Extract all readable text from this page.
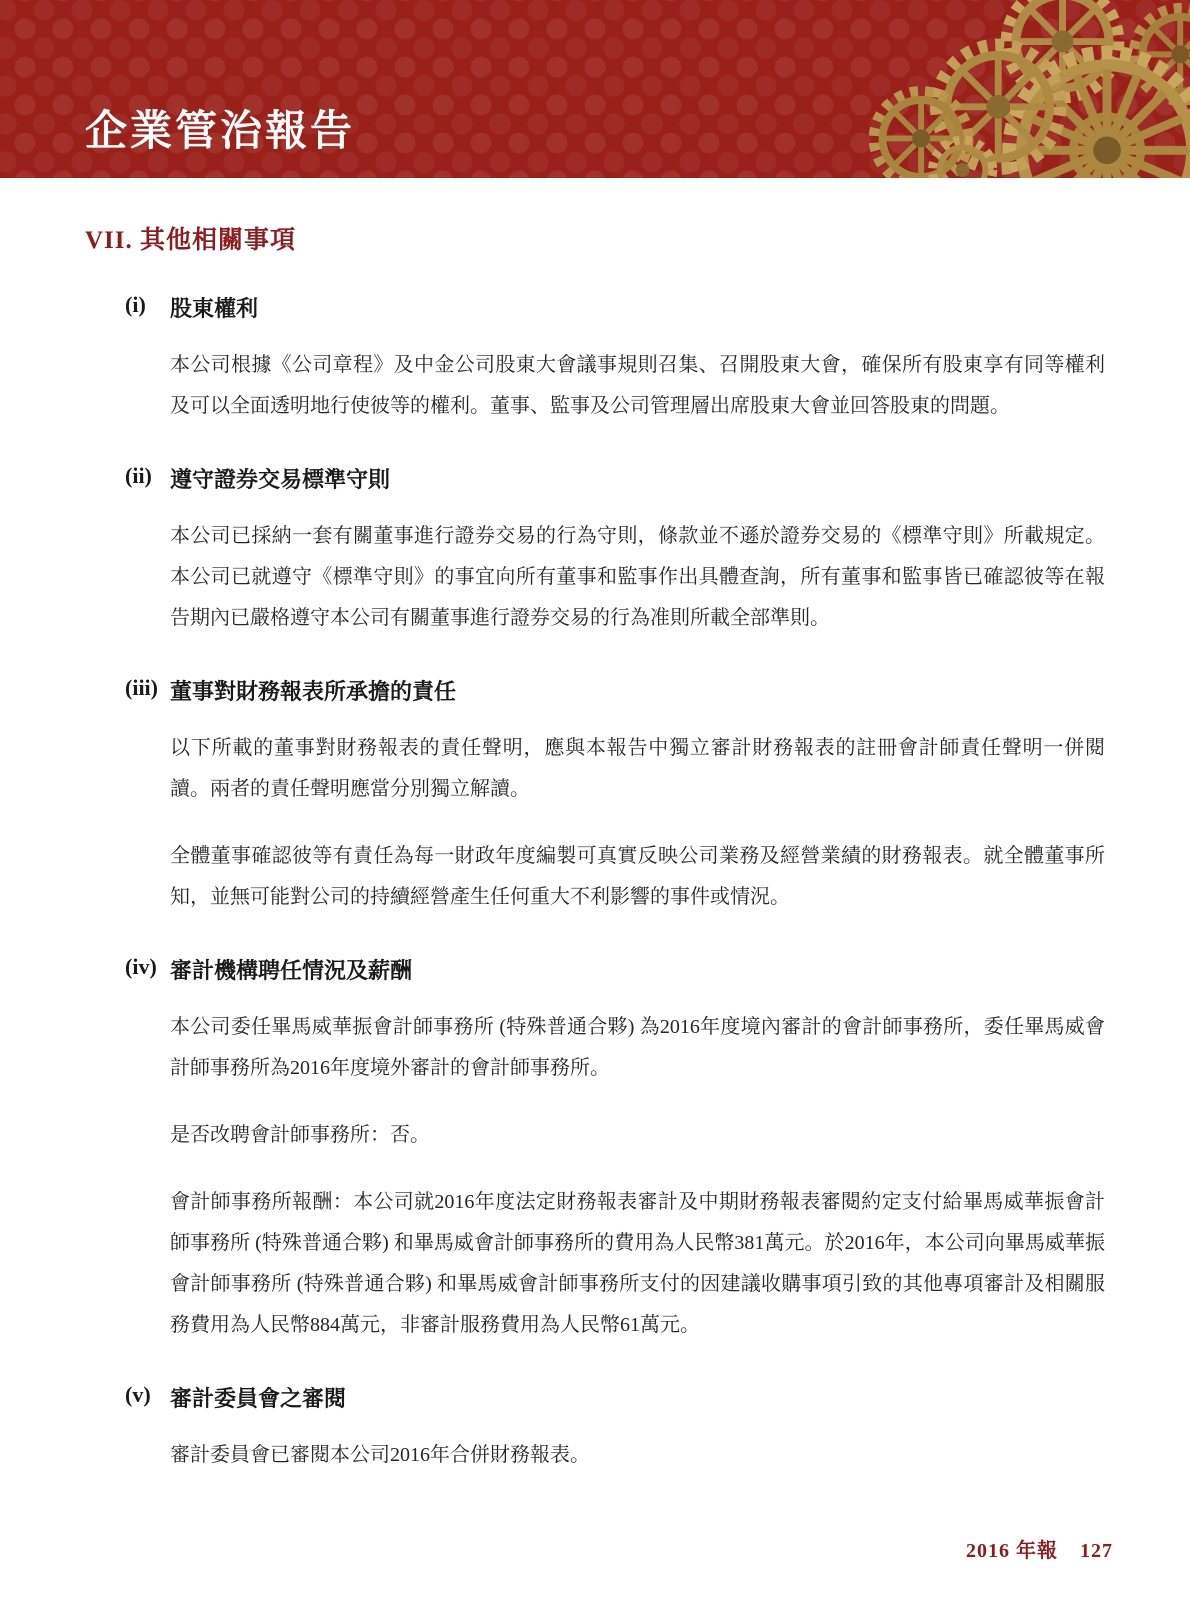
企業管治報告
VII. 其他相關事項
(i)	股東權利

本公司根據《公司章程》及中金公司股東大會議事規則召集、召開股東大會，確保所有股東享有同等權利及可以全面透明地行使彼等的權利。董事、監事及公司管理層出席股東大會並回答股東的問題。

(ii) 遵守證券交易標準守則

本公司已採納一套有關董事進行證券交易的行為守則，條款並不遜於證券交易的《標準守則》所載規定。本公司已就遵守《標準守則》的事宜向所有董事和監事作出具體查詢，所有董事和監事皆已確認彼等在報告期內已嚴格遵守本公司有關董事進行證券交易的行為准則所載全部準則。

(iii) 董事對財務報表所承擔的責任

以下所載的董事對財務報表的責任聲明，應與本報告中獨立審計財務報表的註冊會計師責任聲明一併閱讀。兩者的責任聲明應當分別獨立解讀。

全體董事確認彼等有責任為每一財政年度編製可真實反映公司業務及經營業績的財務報表。就全體董事所知，並無可能對公司的持續經營產生任何重大不利影響的事件或情況。

(iv) 審計機構聘任情況及薪酬

本公司委任畢馬威華振會計師事務所 (特殊普通合夥) 為2016年度境內審計的會計師事務所，委任畢馬威會計師事務所為2016年度境外審計的會計師事務所。

是否改聘會計師事務所：否。

會計師事務所報酬：本公司就2016年度法定財務報表審計及中期財務報表審閱約定支付給畢馬威華振會計師事務所 (特殊普通合夥) 和畢馬威會計師事務所的費用為人民幣381萬元。於2016年，本公司向畢馬威華振會計師事務所 (特殊普通合夥) 和畢馬威會計師事務所支付的因建議收購事項引致的其他專項審計及相關服務費用為人民幣884萬元，非審計服務費用為人民幣61萬元。

(v) 審計委員會之審閱

審計委員會已審閱本公司2016年合併財務報表。

2016 年報 127
